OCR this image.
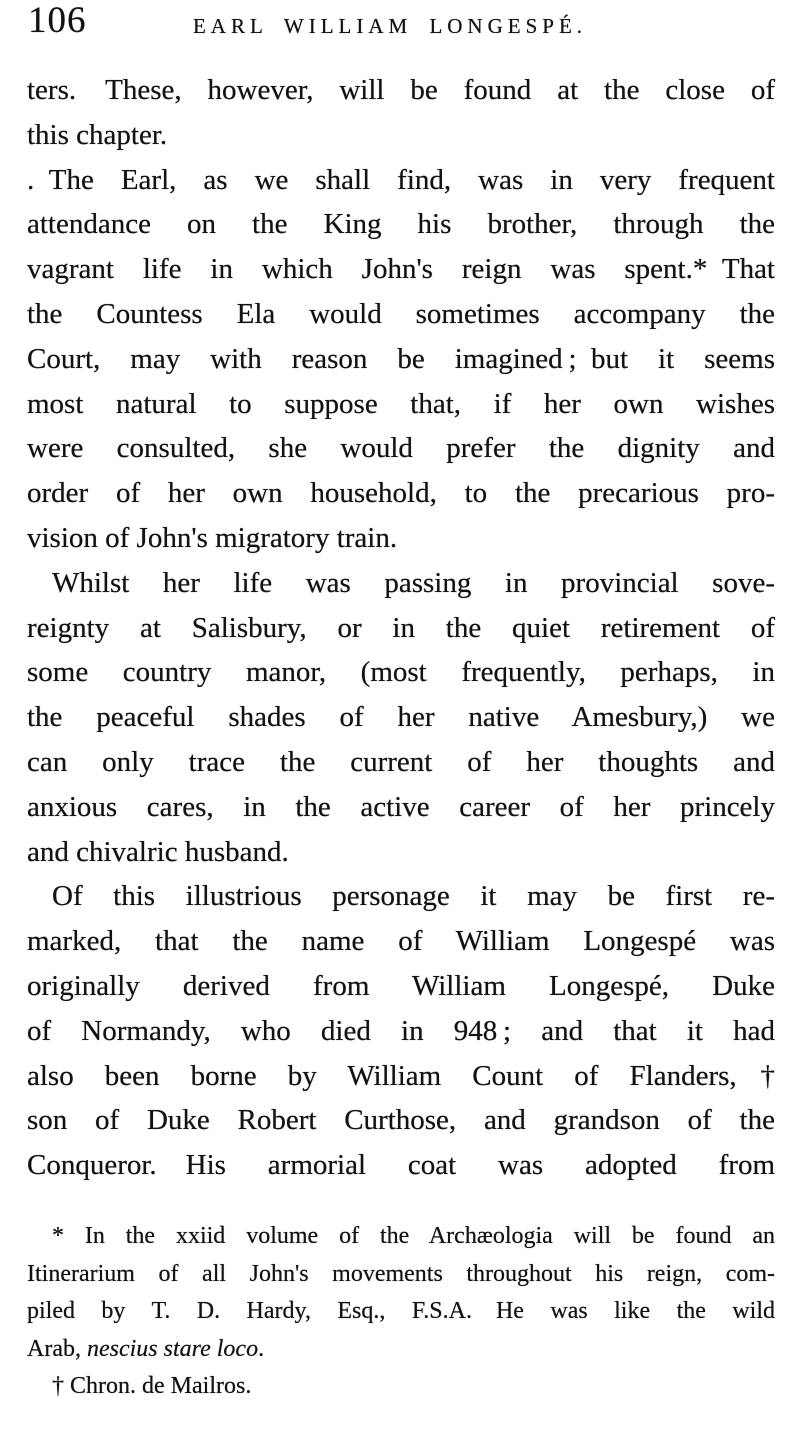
106	EARL WILLIAM LONGESPÉ.
ters. These, however, will be found at the close of
this chapter.
. The Earl, as we shall find, was in very frequent
attendance on the King his brother, through the
vagrant life in which John's reign was spent.* That
the Countess Ela would sometimes accompany the
Court, may with reason be imagined ; but it seems
most natural to suppose that, if her own wishes
were consulted, she would prefer the dignity and
order of her own household, to the precarious pro-
vision of John's migratory train.
Whilst her life was passing in provincial sove-
reignty at Salisbury, or in the quiet retirement of
some country manor, (most frequently, perhaps, in
the peaceful shades of her native Amesbury,) we
can only trace the current of her thoughts and
anxious cares, in the active career of her princely
and chivalric husband.
Of this illustrious personage it may be first re-
marked, that the name of William Longespé was
originally derived from William Longespé, Duke
of Normandy, who died in 948 ; and that it had
also been borne by William Count of Flanders,†
son of Duke Robert Curthose, and grandson of the
Conqueror. His armorial coat was adopted from
* In the xxiid volume of the Archæologia will be found an
Itinerarium of all John's movements throughout his reign, com-
piled by T. D. Hardy, Esq., F.S.A. He was like the wild
Arab, nescius stare loco.
† Chron. de Mailros.
